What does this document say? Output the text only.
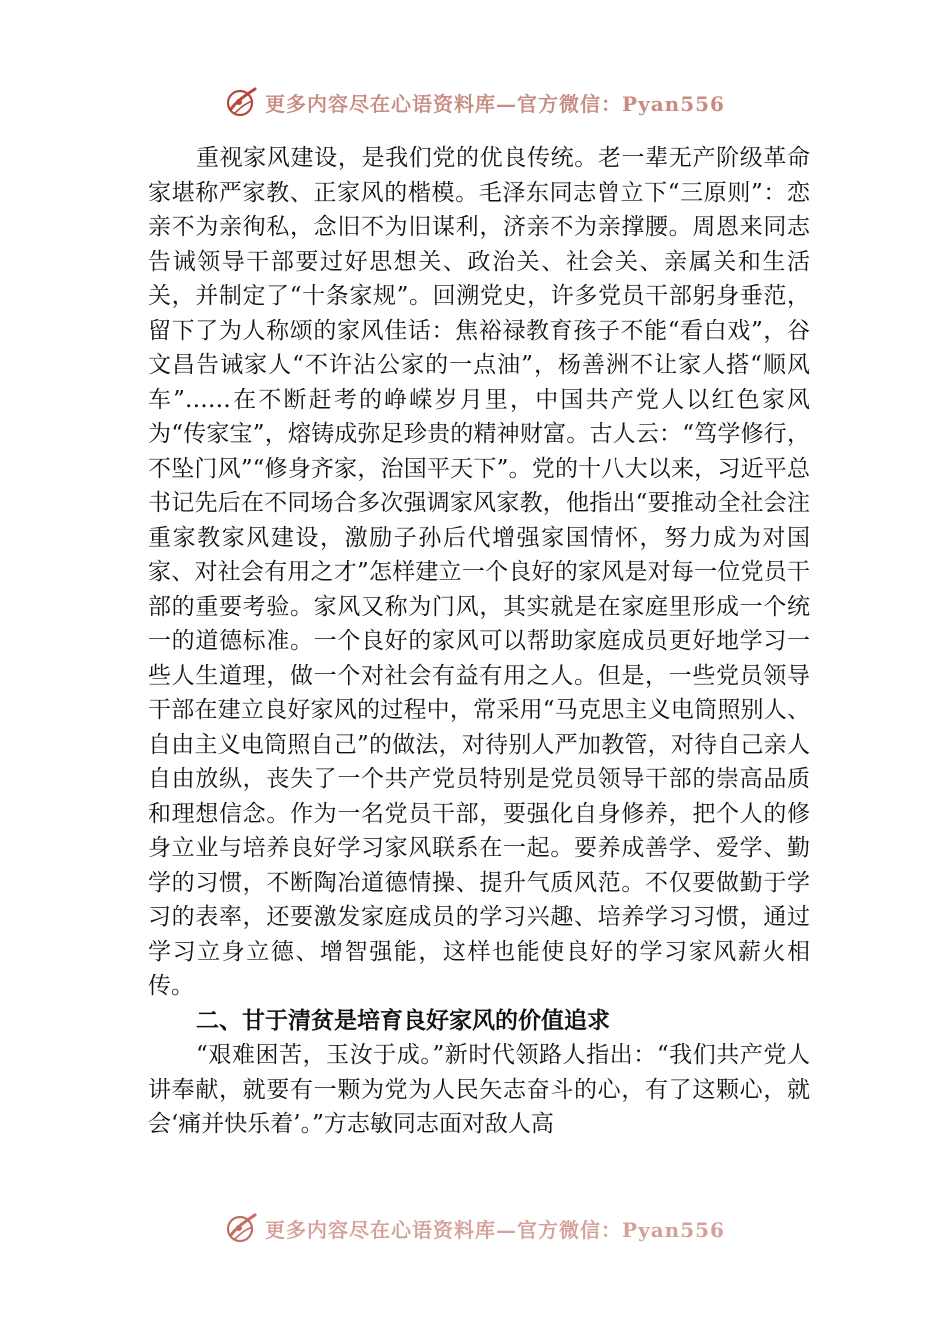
更多内容尽在心语资料库—官方微信：Pyan556

重视家风建设，是我们党的优良传统。老一辈无产阶级革命家堪称严家教、正家风的楷模。毛泽东同志曾立下“三原则”：恋亲不为亲徇私，念旧不为旧谋利，济亲不为亲撑腰。周恩来同志告诫领导干部要过好思想关、政治关、社会关、亲属关和生活关，并制定了“十条家规”。回溯党史，许多党员干部躬身垂范，留下了为人称颂的家风佳话：焦裕禄教育孩子不能“看白戏”，谷文昌告诫家人“不许沾公家的一点油”，杨善洲不让家人搭“顺风车”……在不断赶考的峥嵘岁月里，中国共产党人以红色家风为“传家宝”，熔铸成弥足珍贵的精神财富。古人云：“笃学修行，不坠门风”“修身齐家，治国平天下”。党的十八大以来，习近平总书记先后在不同场合多次强调家风家教，他指出“要推动全社会注重家教家风建设，激励子孙后代增强家国情怀，努力成为对国家、对社会有用之才”怎样建立一个良好的家风是对每一位党员干部的重要考验。家风又称为门风，其实就是在家庭里形成一个统一的道德标准。一个良好的家风可以帮助家庭成员更好地学习一些人生道理，做一个对社会有益有用之人。但是，一些党员领导干部在建立良好家风的过程中，常采用“马克思主义电筒照别人、自由主义电筒照自己”的做法，对待别人严加教管，对待自己亲人自由放纵，丧失了一个共产党员特别是党员领导干部的崇高品质和理想信念。作为一名党员干部，要强化自身修养，把个人的修身立业与培养良好学习家风联系在一起。要养成善学、爱学、勤学的习惯，不断陶冶道德情操、提升气质风范。不仅要做勤于学习的表率，还要激发家庭成员的学习兴趣、培养学习习惯，通过学习立身立德、增智强能，这样也能使良好的学习家风薪火相传。

二、甘于清贫是培育良好家风的价值追求

“艰难困苦，玉汝于成。”新时代领路人指出：“我们共产党人讲奉献，就要有一颗为党为人民矢志奋斗的心，有了这颗心，就会‘痛并快乐着’。”方志敏同志面对敌人高

更多内容尽在心语资料库—官方微信：Pyan556
